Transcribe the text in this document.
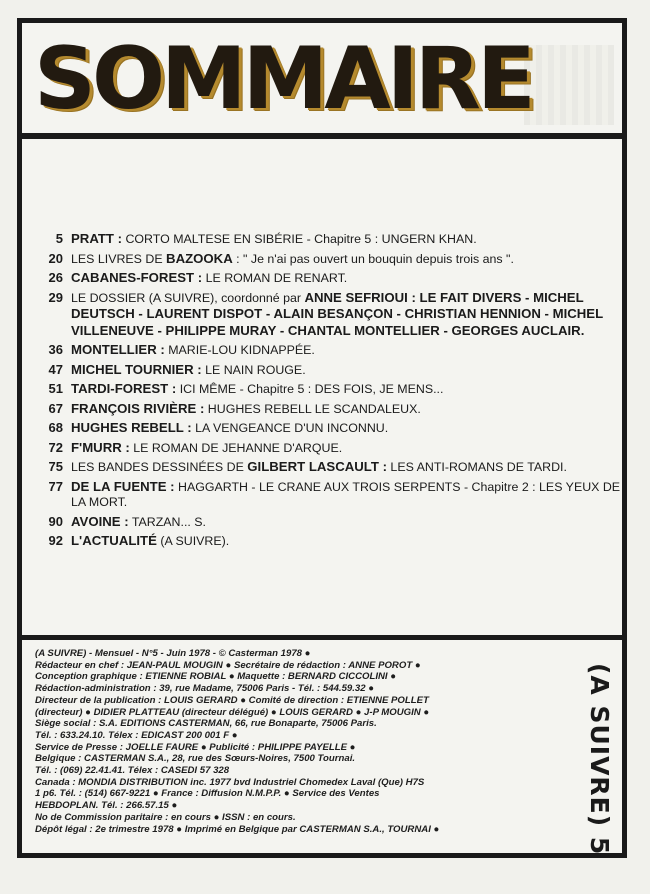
SOMMAIRE
5 PRATT : CORTO MALTESE EN SIBÉRIE - Chapitre 5 : UNGERN KHAN.
20 LES LIVRES DE BAZOOKA : " Je n'ai pas ouvert un bouquin depuis trois ans ".
26 CABANES-FOREST : LE ROMAN DE RENART.
29 LE DOSSIER (A SUIVRE), coordonné par ANNE SEFRIOUI : LE FAIT DIVERS - MICHEL DEUTSCH - LAURENT DISPOT - ALAIN BESANÇON - CHRISTIAN HENNION - MICHEL VILLENEUVE - PHILIPPE MURAY - CHANTAL MONTELLIER - GEORGES AUCLAIR.
36 MONTELLIER : MARIE-LOU KIDNAPPÉE.
47 MICHEL TOURNIER : LE NAIN ROUGE.
51 TARDI-FOREST : ICI MÊME - Chapitre 5 : DES FOIS, JE MENS...
67 FRANÇOIS RIVIÈRE : HUGHES REBELL LE SCANDALEUX.
68 HUGHES REBELL : LA VENGEANCE D'UN INCONNU.
72 F'MURR : LE ROMAN DE JEHANNE D'ARQUE.
75 LES BANDES DESSINÉES DE GILBERT LASCAULT : LES ANTI-ROMANS DE TARDI.
77 DE LA FUENTE : HAGGARTH - LE CRANE AUX TROIS SERPENTS - Chapitre 2 : LES YEUX DE LA MORT.
90 AVOINE : TARZAN... S.
92 L'ACTUALITÉ (A SUIVRE).
(A SUIVRE) - Mensuel - N°5 - Juin 1978 - © Casterman 1978 ●
Rédacteur en chef : JEAN-PAUL MOUGIN ● Secrétaire de rédaction : ANNE POROT ●
Conception graphique : ETIENNE ROBIAL ● Maquette : BERNARD CICCOLINI ●
Rédaction-administration : 39, rue Madame, 75006 Paris - Tél. : 544.59.32 ●
Directeur de la publication : LOUIS GERARD ● Comité de direction : ETIENNE POLLET
(directeur) ● DIDIER PLATTEAU (directeur délégué) ● LOUIS GERARD ● J-P MOUGIN ●
Siège social : S.A. EDITIONS CASTERMAN, 66, rue Bonaparte, 75006 Paris.
Tél. : 633.24.10. Télex : EDICAST 200 001 F ●
Service de Presse : JOELLE FAURE ● Publicité : PHILIPPE PAYELLE ●
Belgique : CASTERMAN S.A., 28, rue des Sœurs-Noires, 7500 Tournai.
Tél. : (069) 22.41.41. Télex : CASEDI 57 328
Canada : MONDIA DISTRIBUTION inc. 1977 bvd Industriel Chomedex Laval (Que) H7S
1 p6. Tél. : (514) 667-9221 ● France : Diffusion N.M.P.P. ● Service des Ventes
HEBDOPLAN. Tél. : 266.57.15 ●
No de Commission paritaire : en cours ● ISSN : en cours.
Dépôt légal : 2e trimestre 1978 ● Imprimé en Belgique par CASTERMAN S.A., TOURNAI ●	(A SUIVRE) 5
